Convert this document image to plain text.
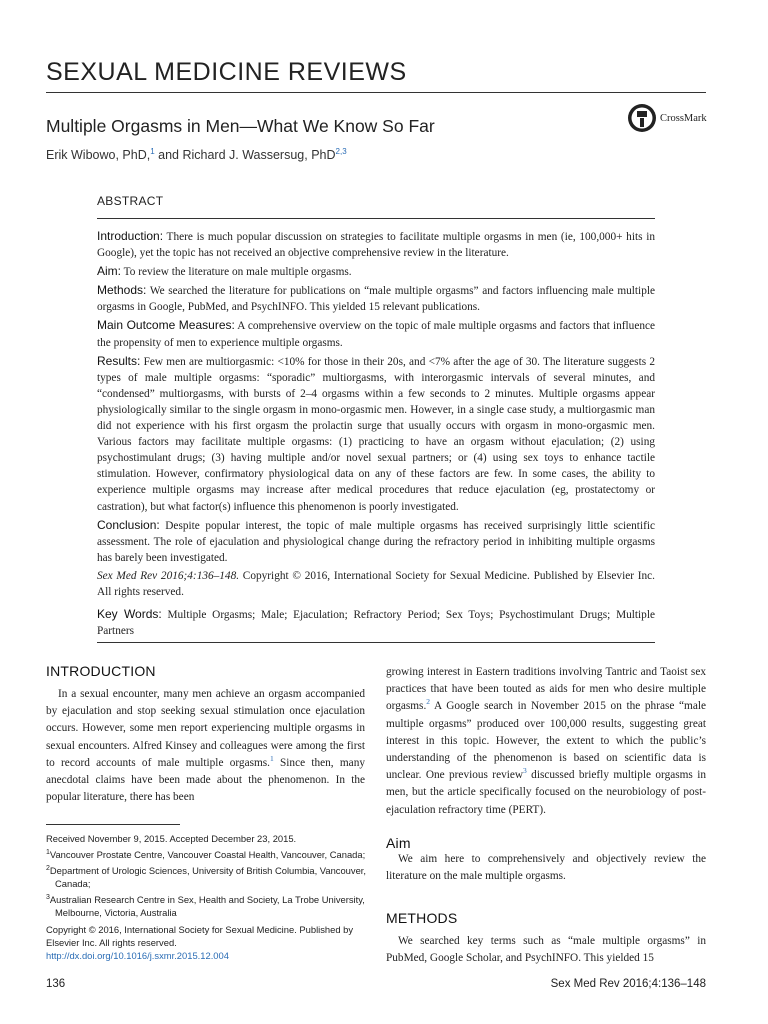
SEXUAL MEDICINE REVIEWS
Multiple Orgasms in Men—What We Know So Far
Erik Wibowo, PhD,$^1$ and Richard J. Wassersug, PhD$^{2,3}$
CrossMark
ABSTRACT

Introduction: There is much popular discussion on strategies to facilitate multiple orgasms in men (ie, 100,000+ hits in Google), yet the topic has not received an objective comprehensive review in the literature.

Aim: To review the literature on male multiple orgasms.

Methods: We searched the literature for publications on “male multiple orgasms” and factors influencing male multiple orgasms in Google, PubMed, and PsychINFO. This yielded 15 relevant publications.

Main Outcome Measures: A comprehensive overview on the topic of male multiple orgasms and factors that influence the propensity of men to experience multiple orgasms.

Results: Few men are multiorgasmic: <10% for those in their 20s, and <7% after the age of 30. The literature suggests 2 types of male multiple orgasms: “sporadic” multiorgasms, with interorgasmic intervals of several minutes, and “condensed” multiorgasms, with bursts of 2–4 orgasms within a few seconds to 2 minutes. Multiple orgasms appear physiologically similar to the single orgasm in mono-orgasmic men. However, in a single case study, a multiorgasmic man did not experience with his first orgasm the prolactin surge that usually occurs with orgasm in mono-orgasmic men. Various factors may facilitate multiple orgasms: (1) practicing to have an orgasm without ejaculation; (2) using psychostimulant drugs; (3) having multiple and/or novel sexual partners; or (4) using sex toys to enhance tactile stimulation. However, confirmatory physiological data on any of these factors are few. In some cases, the ability to experience multiple orgasms may increase after medical procedures that reduce ejaculation (eg, prostatectomy or castration), but what factor(s) influence this phenomenon is poorly investigated.

Conclusion: Despite popular interest, the topic of male multiple orgasms has received surprisingly little scientific assessment. The role of ejaculation and physiological change during the refractory period in inhibiting multiple orgasms has barely been investigated.

Sex Med Rev 2016;4:136–148. Copyright © 2016, International Society for Sexual Medicine. Published by Elsevier Inc. All rights reserved.

Key Words: Multiple Orgasms; Male; Ejaculation; Refractory Period; Sex Toys; Psychostimulant Drugs; Multiple Partners

INTRODUCTION

In a sexual encounter, many men achieve an orgasm accompanied by ejaculation and stop seeking sexual stimulation once ejaculation occurs. However, some men report experiencing multiple orgasms in sexual encounters. Alfred Kinsey and colleagues were among the first to record accounts of male multiple orgasms.$^1$ Since then, many anecdotal claims have been made about the phenomenon. In the popular literature, there has been

Received November 9, 2015. Accepted December 23, 2015.

$^1$Vancouver Prostate Centre, Vancouver Coastal Health, Vancouver, Canada;

$^2$Department of Urologic Sciences, University of British Columbia, Vancouver, Canada;

$^3$Australian Research Centre in Sex, Health and Society, La Trobe University, Melbourne, Victoria, Australia

Copyright © 2016, International Society for Sexual Medicine. Published by Elsevier Inc. All rights reserved.

http://dx.doi.org/10.1016/j.sxmr.2015.12.004

growing interest in Eastern traditions involving Tantric and Taoist sex practices that have been touted as aids for men who desire multiple orgasms.$^2$ A Google search in November 2015 on the phrase “male multiple orgasms” produced over 100,000 results, suggesting great interest in this topic. However, the extent to which the public’s understanding of the phenomenon is based on scientific data is unclear. One previous review$^3$ discussed briefly multiple orgasms in men, but the article specifically focused on the neurobiology of post-ejaculation refractory time (PERT).

Aim

We aim here to comprehensively and objectively review the literature on the male multiple orgasms.

METHODS

We searched key terms such as “male multiple orgasms” in PubMed, Google Scholar, and PsychINFO. This yielded 15

136	Sex Med Rev 2016;4:136–148
